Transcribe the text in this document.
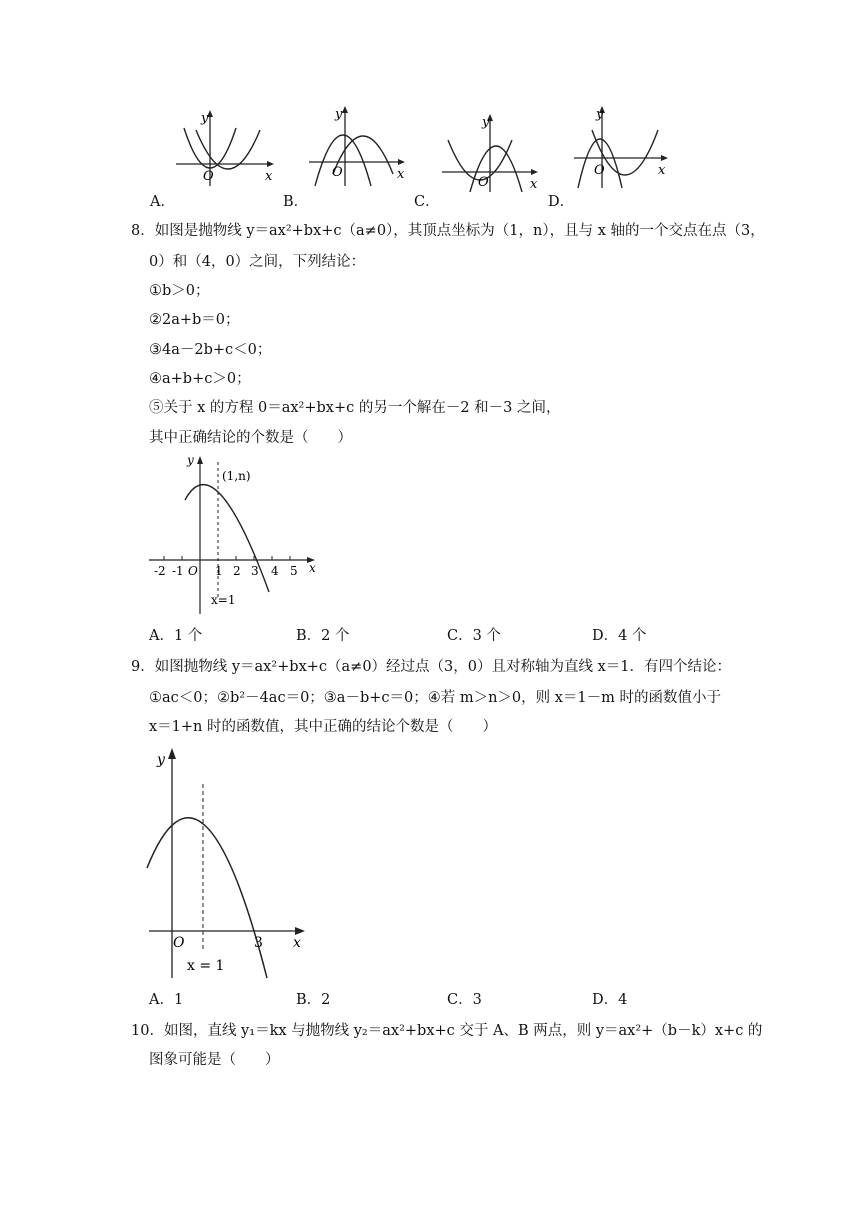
y
O	x
A．
y
O	x
B．
y
O	x
C．
y
O	x
D．
8．如图是抛物线 y＝ax²+bx+c（a≠0），其顶点坐标为（1，n），且与 x 轴的一个交点在点（3，
0）和（4，0）之间，下列结论：
①b＞0；
②2a+b＝0；
③4a－2b+c＜0；
④a+b+c＞0；
⑤关于 x 的方程 0＝ax²+bx+c 的另一个解在－2 和－3 之间，
其中正确结论的个数是（　　）
y
x
(1,n)
O
-2 -1	1 2 3 4 5
x=1
A．1 个	B．2 个	C．3 个	D．4 个
9．如图抛物线 y＝ax²+bx+c（a≠0）经过点（3，0）且对称轴为直线 x＝1．有四个结论：
①ac＜0；②b²－4ac＝0；③a－b+c＝0；④若 m＞n＞0，则 x＝1－m 时的函数值小于
x＝1+n 时的函数值，其中正确的结论个数是（　　）
y
x
O	3
x = 1
A．1	B．2	C．3	D．4
10．如图，直线 y₁＝kx 与抛物线 y₂＝ax²+bx+c 交于 A、B 两点，则 y＝ax²+（b－k）x+c 的
图象可能是（　　）
